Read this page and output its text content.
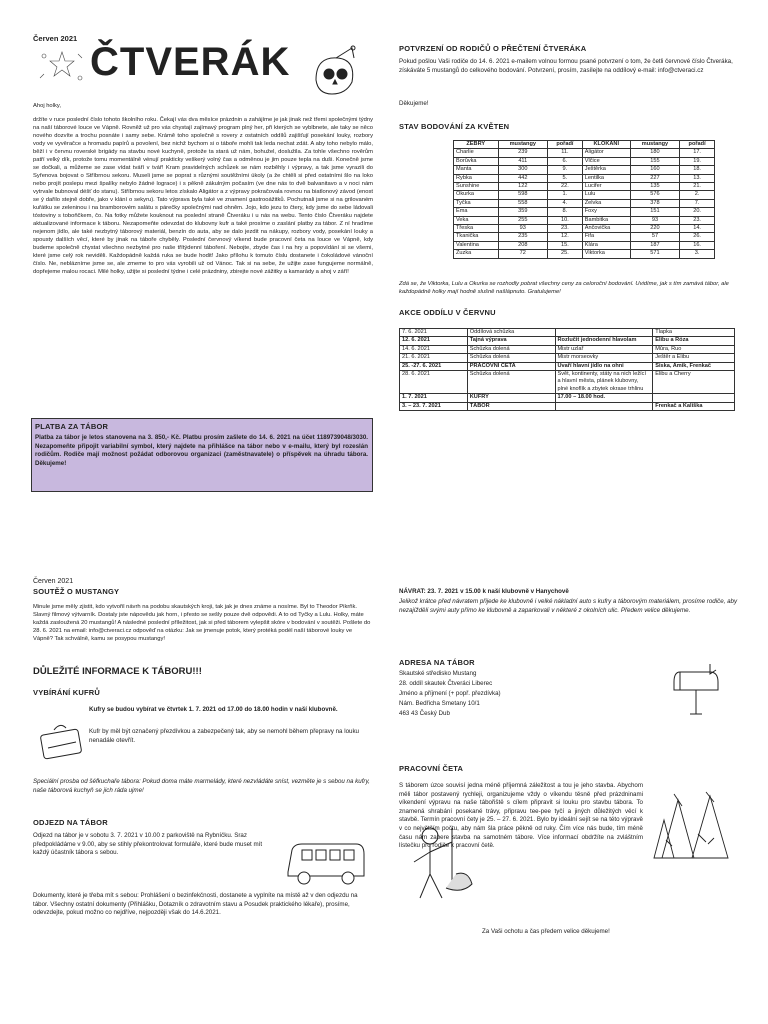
Červen 2021
ČTVERÁK
Ahoj holky,
držíte v ruce poslední číslo tohoto školního roku. Čekají vás dva měsíce prázdnin a zahájíme je jak jinak než třemi společnými týdny na naší táborové louce ve Vápně. Rovněž už pro vás chystají zajímavý program plný her, při kterých se vyblbnete, ale taky se něco nového dozvíte a trochu posnáte i samy sebe. Krámě toho společně s rovery z ostatních oddílů zajišťují posekání louky, rozbory vody ve vyvěračce a hromadu papírů a povolení, bez nichž bychom si o táboře mohli tak leda nechat zdát. A aby toho nebylo málo, běží i v červnu roverské brigády na stavbu nové kuchyně, protože ta stará už nám, bohužel, doslužila. Za tohle všechno rověrům patří velký dík, protože tomu momentálně vénují prakticky veškerý volný čas a odměnou je jim pouze tepla na duši. Konečně jsme se dočkali, a můžeme se zase vídat tváří v tvář! Kram pravidelných schůzek se nám rozběhly i výpravy, a tak jsme vyrazili do Syřenova bojovat o Stříbrnou sekoru. Museli jsme se poprat s různými soutěžními úkoly (a že chtěli si před ostatními šlo na loko nebo projít poslepu mezi špalíky nebylo žádné lograce) i s pěkně zákulným počasím (ve dne nás to dvě balvanitavo a v noci nám vytrvale bubnoval déšť do stanu). Stříbrnou sekoru letos získalo Aligátor a z výpravy pokračovala rovnou na biatlonový závod (enost se ý dařilo stejně dobře, jako v klání o sekyru). Tato výprava byla také ve znamení gastrooážitků. Pochutnali jsme si na grilovaném kuřátku se zeleninou i na bramborovém salátu s párečky společnými nad ohněm. Jojo, kdo jezu to čtery, kdy jsme do sebe ládovali tóstoviny s toboňčkem, čo. Na fotky můžete kouknout na poslední straně Čtveráku i u nás na webu. Tento číslo Čtveráku najdete aktualizované informace k táboru. Nezapomeňte odevzdat do klubovny kufr a také prosíme o zaslání platby za tábor. Z ní hradíme nejenom jídlo, ale také nezbytný táborový materiál, benzín do auta, aby se dalo jezdit na nákupy, rozbory vody, posekání louky a spousty dalších věcí, které by jinak na táboře chyběly. Poslední červnový víkend bude pracovní četa na louce ve Vápně, kdy budeme společně chystat všechno nezbytné pro naše třítýdenní táboření. Nebojte, zbyde čas i na hry a popovídání si se všemi, které jsme celý rok neviděli. Každopádně každá ruka se bude hodit! Jako přílohu k tomuto číslu dostanete i čokoládové vánoční číslo. Ne, neblázníme jsme se, ale zmeme to pro vás vyrobili už od Vánoc. Tak si na sebe, že užijte zase fungujeme normálně, dopřejeme malou rocaci. Milé holky, užijte si poslední týdne i celé prázdniny, zbirejte nové zážitky a kamarády a ahoj v září!
PLATBA ZA TÁBOR
Platba za tábor je letos stanovena na 3. 850,- Kč. Platbu prosím zašlete do 14. 6. 2021 na účet 1189739048/3030. Nezapomeňte připojit variabilní symbol, který najdete na přihlášce na tábor nebo v e-mailu, který byl rozeslán rodičům. Rodiče mají možnost požádat odborovou organizaci (zaměstnavatele) o příspěvek na úhradu tábora. Děkujeme!
POTVRZENÍ OD RODIČŮ O PŘEČTENÍ ČTVERÁKA
Pokud pošlou Vaši rodiče do 14. 6. 2021 e-mailem volnou formou psané potvrzení o tom, že četli červnové číslo Čtveráka, získáváte 5 mustangů do celkového bodování. Potvrzení, prosím, zasílejte na oddílový e-mail: info@ctveraci.cz
Děkujeme!
STAV BODOVÁNÍ ZA KVĚTEN
ZEBRY	mustangy	pořadí	KLOKANI	mustangy	pořadí
Charlie	239	11.	Aligátor	180	17.
Borůvka	411	6.	Vlčice	155	19.
Manta	300	9.	Ještěrka	160	18.
Rybka	442	5.	Lentilka	227	13.
Sunshine	122	22.	Lucifer	135	21.
Okurka	598	1.	Lulu	576	2.
Tyčka	558	4.	Želvka	378	7.
Ema	359	8.	Foxy	151	20.
Veka	255	10.	Bambitka	93	23.
Třeska	93	23.	Ančovička	220	14.
Tkanička	235	12.	Fifa	57	26.
Valentina	208	15.	Klára	187	16.
Zuzka	72	25.	Viktorka	571	3.
Zdá se, že Viktorka, Lulu a Okurka se rozhodly pobrat všechny ceny za celoroční bodování. Uvidíme, jak s tím zamává tábor, ale každopádně holky mají hodně slušně našlápnuto. Gratulujeme!
AKCE ODDÍLU V ČERVNU
7. 6. 2021	Oddílová schůzka		Tlapka
12. 6. 2021	Tajná výprava	Rozlučit jednodenní hlavolam	Elibu a Róza
14. 6. 2021	Schůzka dolená	Mistr uzlař	Můra, Ruo
21. 6. 2021	Schůzka dolená	Mistr morseovky	Ještěr a Elibu
25. -27. 6. 2021	PRACOVNÍ ČETA	Uvaří hlavní jídlo na ohni	Siska, Amik, Frenkač
28. 6. 2021	Schůzka dolená	Svět, kontinenty, státy na nich ležící a hlavní města, plánek klubovny, plné knoflík a zbytek okrase trhlinu	Elibu a Cherry
1. 7. 2021	KUFRY	17.00 – 18.00 hod.	
3. – 23. 7. 2021	TÁBOR		Frenkač a Kalíška
Červen 2021
SOUTĚŽ O MUSTANGY
Minule jsme měly zjistit, kdo vytvořil návrh na podobu skautských kroji, tak jak je dnes známe a nosíme. Byl to Theodor Pikrňk. Slavný filmový výtvarník. Dostaly jste nápovědu jak horn, i přesto se sešly pouze dvě odpovědi. A to od Tyčky a Lulu. Holky, máte každá zasloužená 20 mustangů! A následné poslední příležitost, jak si před táborem vylepšit skóre v bodování v soutěži. Pošlete do 28. 6. 2021 na email: info@ctveraci.cz odpověď na otázku: Jak se jmenuje potok, který protéká podél naší táborové louky ve Vápně? Tak schválně, kamu se posypou mustangy!
DŮLEŽITÉ INFORMACE K TÁBORU!!!
VYBÍRÁNÍ KUFRŮ
Kufry se budou vybírat ve čtvrtek 1. 7. 2021 od 17.00 do 18.00 hodin v naší klubovně.
Kufr by měl být označený přezdívkou a zabezpečený tak, aby se nemohl během přepravy na louku nenadále otevřít.
Speciální prosba od šéfkuchaře tábora: Pokud doma máte marmelády, které nezvládáte sníst, vezměte je s sebou na kufry, naše táborová kuchyň se jich ráda ujme!
ODJEZD NA TÁBOR
Odjezd na tábor je v sobotu 3. 7. 2021 v 10.00 z parkoviště na Rybníčku. Sraz předpokládáme v 9.00, aby se stihly překontrolovat formuláře, které bude muset mít každý účastník tábora s sebou.
Dokumenty, které je třeba mít s sebou: Prohlášení o bezinfekčnosti, dostanete a vyplníte na místě až v den odjezdu na tábor. Všechny ostatní dokumenty (Přihlášku, Dotazník o zdravotním stavu a Posudek praktického lékaře), prosíme, odevzdejte, pokud možno co nejdříve, nejpozději však do 14.6.2021.
NÁVRAT: 23. 7. 2021 v 15.00 k naší klubovně v Hanychově
Jelikož krátce před návratem přijede ke klubovně i velké nákladní auto s kufry a táborovým materiálem, prosíme rodiče, aby nezajížděli svými auty přímo ke klubovně a zaparkovali v některé z okolních ulic. Předem velice děkujeme.
ADRESA NA TÁBOR
Skautské středisko Mustang
28. oddíl skautek Čtveráci Liberec
Jméno a příjmení (+ popř. přezdívka)
Nám. Bedřicha Smetany 10/1
463 43 Český Dub
PRACOVNÍ ČETA
S táborem úzce souvisí jedna méně příjemná záležitost a tou je jeho stavba. Abychom měli tábor postavený rychleji, organizujeme vždy o víkendu těsně před prázdninami víkendení výpravu na naše tábořiště s cílem připravit si louku pro stavbu tábora. To znamená shrabání posekané trávy, připravu tee-pee tyčí a jiných důležitých věcí k stavbě. Termín pracovní čety je 25. – 27. 6. 2021. Bylo by ideální sejít se na této výpravě v co největším počtu, aby nám šla práce pěkně od ruky. Čím více nás bude, tím méně času nám zabere stavba na samotném tábore. Více informací obdržíte na zvláštním lístečku pro rodiče k pracovní četě.
Za Vaši ochotu a čas předem velice děkujeme!
